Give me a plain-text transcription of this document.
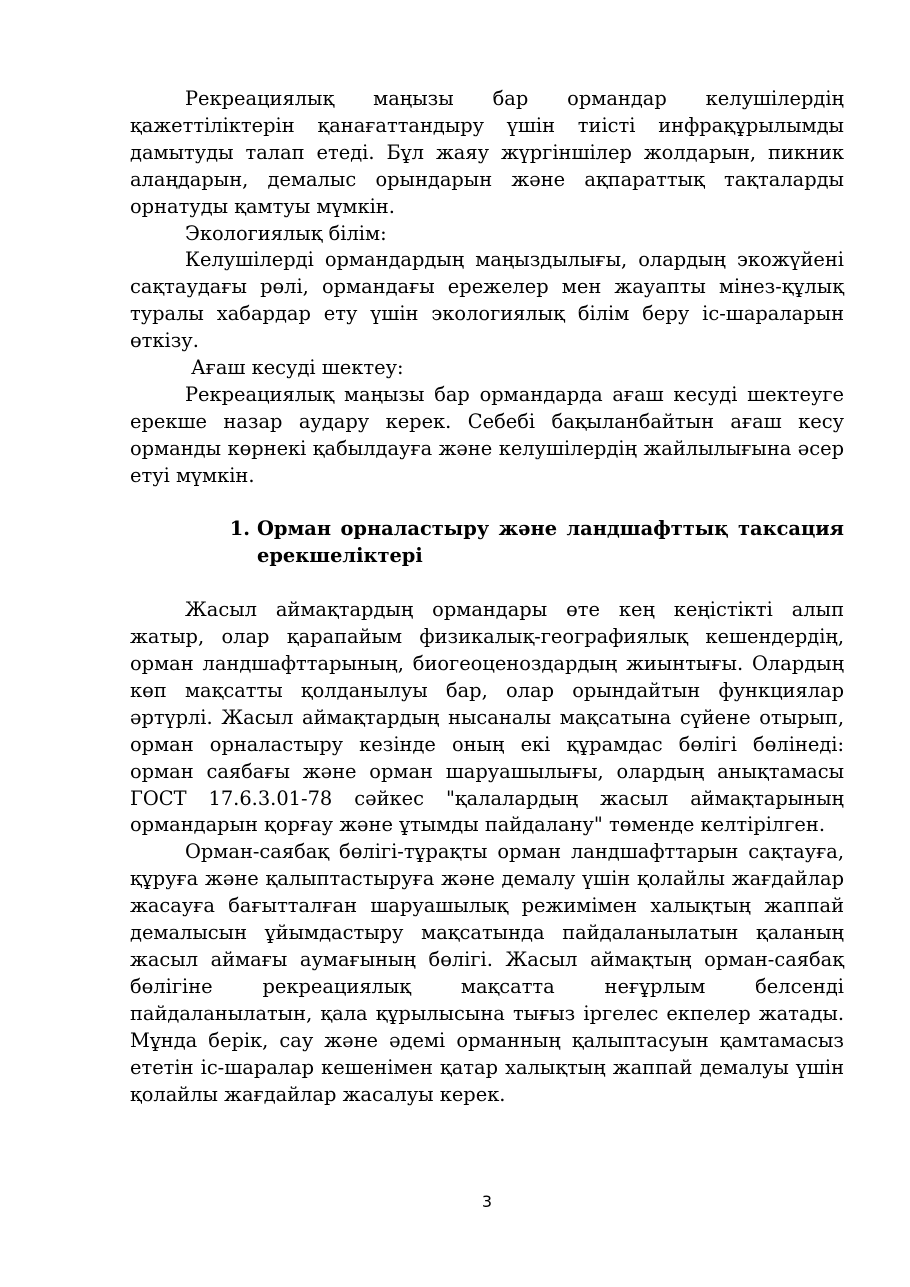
Рекреациялық маңызы бар ормандар келушілердің қажеттіліктерін қанағаттандыру үшін тиісті инфрақұрылымды дамытуды талап етеді. Бұл жаяу жүргіншілер жолдарын, пикник алаңдарын, демалыс орындарын және ақпараттық тақталарды орнатуды қамтуы мүмкін.

Экологиялық білім:

Келушілерді ормандардың маңыздылығы, олардың экожүйені сақтаудағы рөлі, ормандағы ережелер мен жауапты мінез-құлық туралы хабардар ету үшін экологиялық білім беру іс-шараларын өткізу.

Ағаш кесуді шектеу:

Рекреациялық маңызы бар ормандарда ағаш кесуді шектеуге ерекше назар аудару керек. Себебі бақыланбайтын ағаш кесу орманды көрнекі қабылдауға және келушілердің жайлылығына әсер етуі мүмкін.

1. Орман орналастыру және ландшафттық таксация ерекшеліктері

Жасыл аймақтардың ормандары өте кең кеңістікті алып жатыр, олар қарапайым физикалық-географиялық кешендердің, орман ландшафттарының, биогеоценоздардың жиынтығы. Олардың көп мақсатты қолданылуы бар, олар орындайтын функциялар әртүрлі. Жасыл аймақтардың нысаналы мақсатына сүйене отырып, орман орналастыру кезінде оның екі құрамдас бөлігі бөлінеді: орман саябағы және орман шаруашылығы, олардың анықтамасы ГОСТ 17.6.3.01-78 сәйкес "қалалардың жасыл аймақтарының ормандарын қорғау және ұтымды пайдалану" төменде келтірілген.

Орман-саябақ бөлігі-тұрақты орман ландшафттарын сақтауға, құруға және қалыптастыруға және демалу үшін қолайлы жағдайлар жасауға бағытталған шаруашылық режимімен халықтың жаппай демалысын ұйымдастыру мақсатында пайдаланылатын қаланың жасыл аймағы аумағының бөлігі. Жасыл аймақтың орман-саябақ бөлігіне рекреациялық мақсатта неғұрлым белсенді пайдаланылатын, қала құрылысына тығыз іргелес екпелер жатады. Мұнда берік, сау және әдемі орманның қалыптасуын қамтамасыз ететін іс-шаралар кешенімен қатар халықтың жаппай демалуы үшін қолайлы жағдайлар жасалуы керек.

3
